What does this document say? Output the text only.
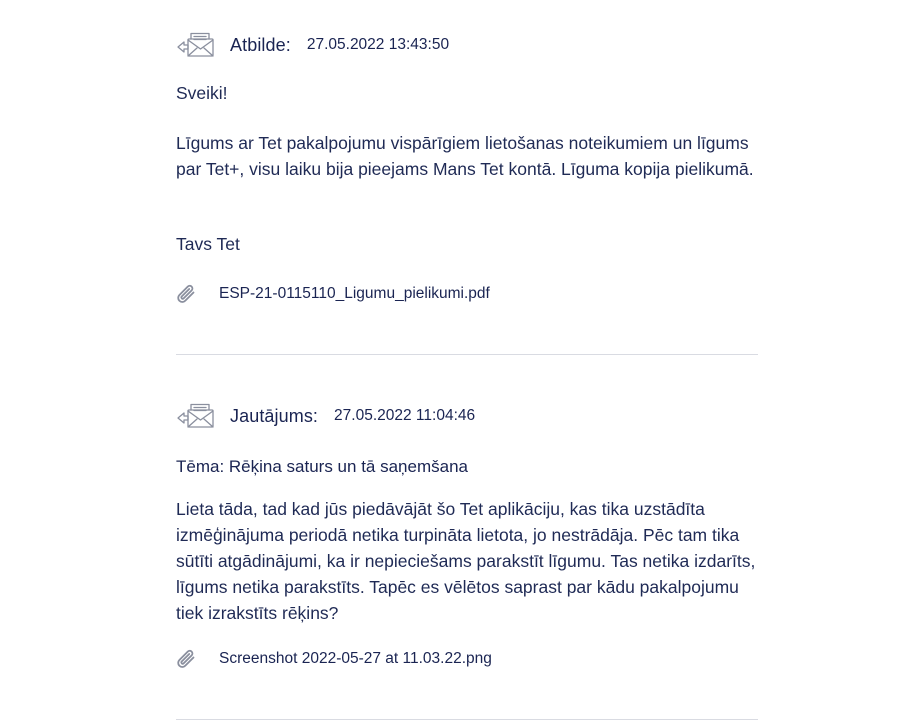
Atbilde: 27.05.2022 13:43:50

Sveiki!

Līgums ar Tet pakalpojumu vispārīgiem lietošanas noteikumiem un līgums par Tet+, visu laiku bija pieejams Mans Tet kontā. Līguma kopija pielikumā.

Tavs Tet

ESP-21-0115110_Ligumu_pielikumi.pdf
Jautājums: 27.05.2022 11:04:46
Tēma: Rēķina saturs un tā saņemšana

Lieta tāda, tad kad jūs piedāvājāt šo Tet aplikāciju, kas tika uzstādīta izmēģinājuma periodā netika turpināta lietota, jo nestrādāja. Pēc tam tika sūtīti atgādinājumi, ka ir nepieciešams parakstīt līgumu. Tas netika izdarīts, līgums netika parakstīts. Tapēc es vēlētos saprast par kādu pakalpojumu tiek izrakstīts rēķins?

Screenshot 2022-05-27 at 11.03.22.png
